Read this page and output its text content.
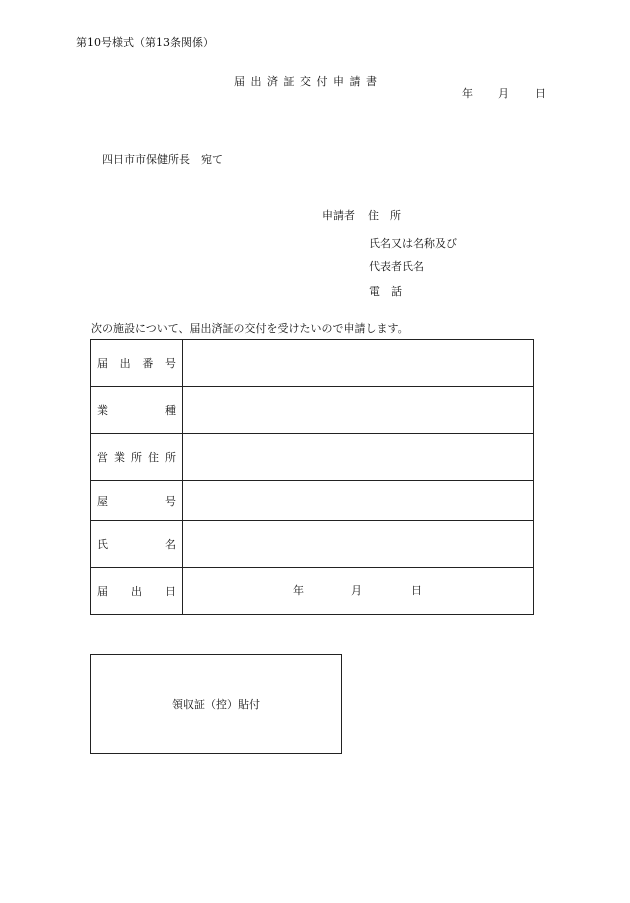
第10号様式（第13条関係）
届 出 済 証 交 付 申 請 書
年 月 日
四日市市保健所長　宛て
申請者 住　所
氏名又は名称及び
代表者氏名
電　話
次の施設について、届出済証の交付を受けたいので申請します。
届 出 番 号	

業 種	

営 業 所 住 所	

屋 号	

氏 名	

届 出 日	年 月 日
領収証（控）貼付
